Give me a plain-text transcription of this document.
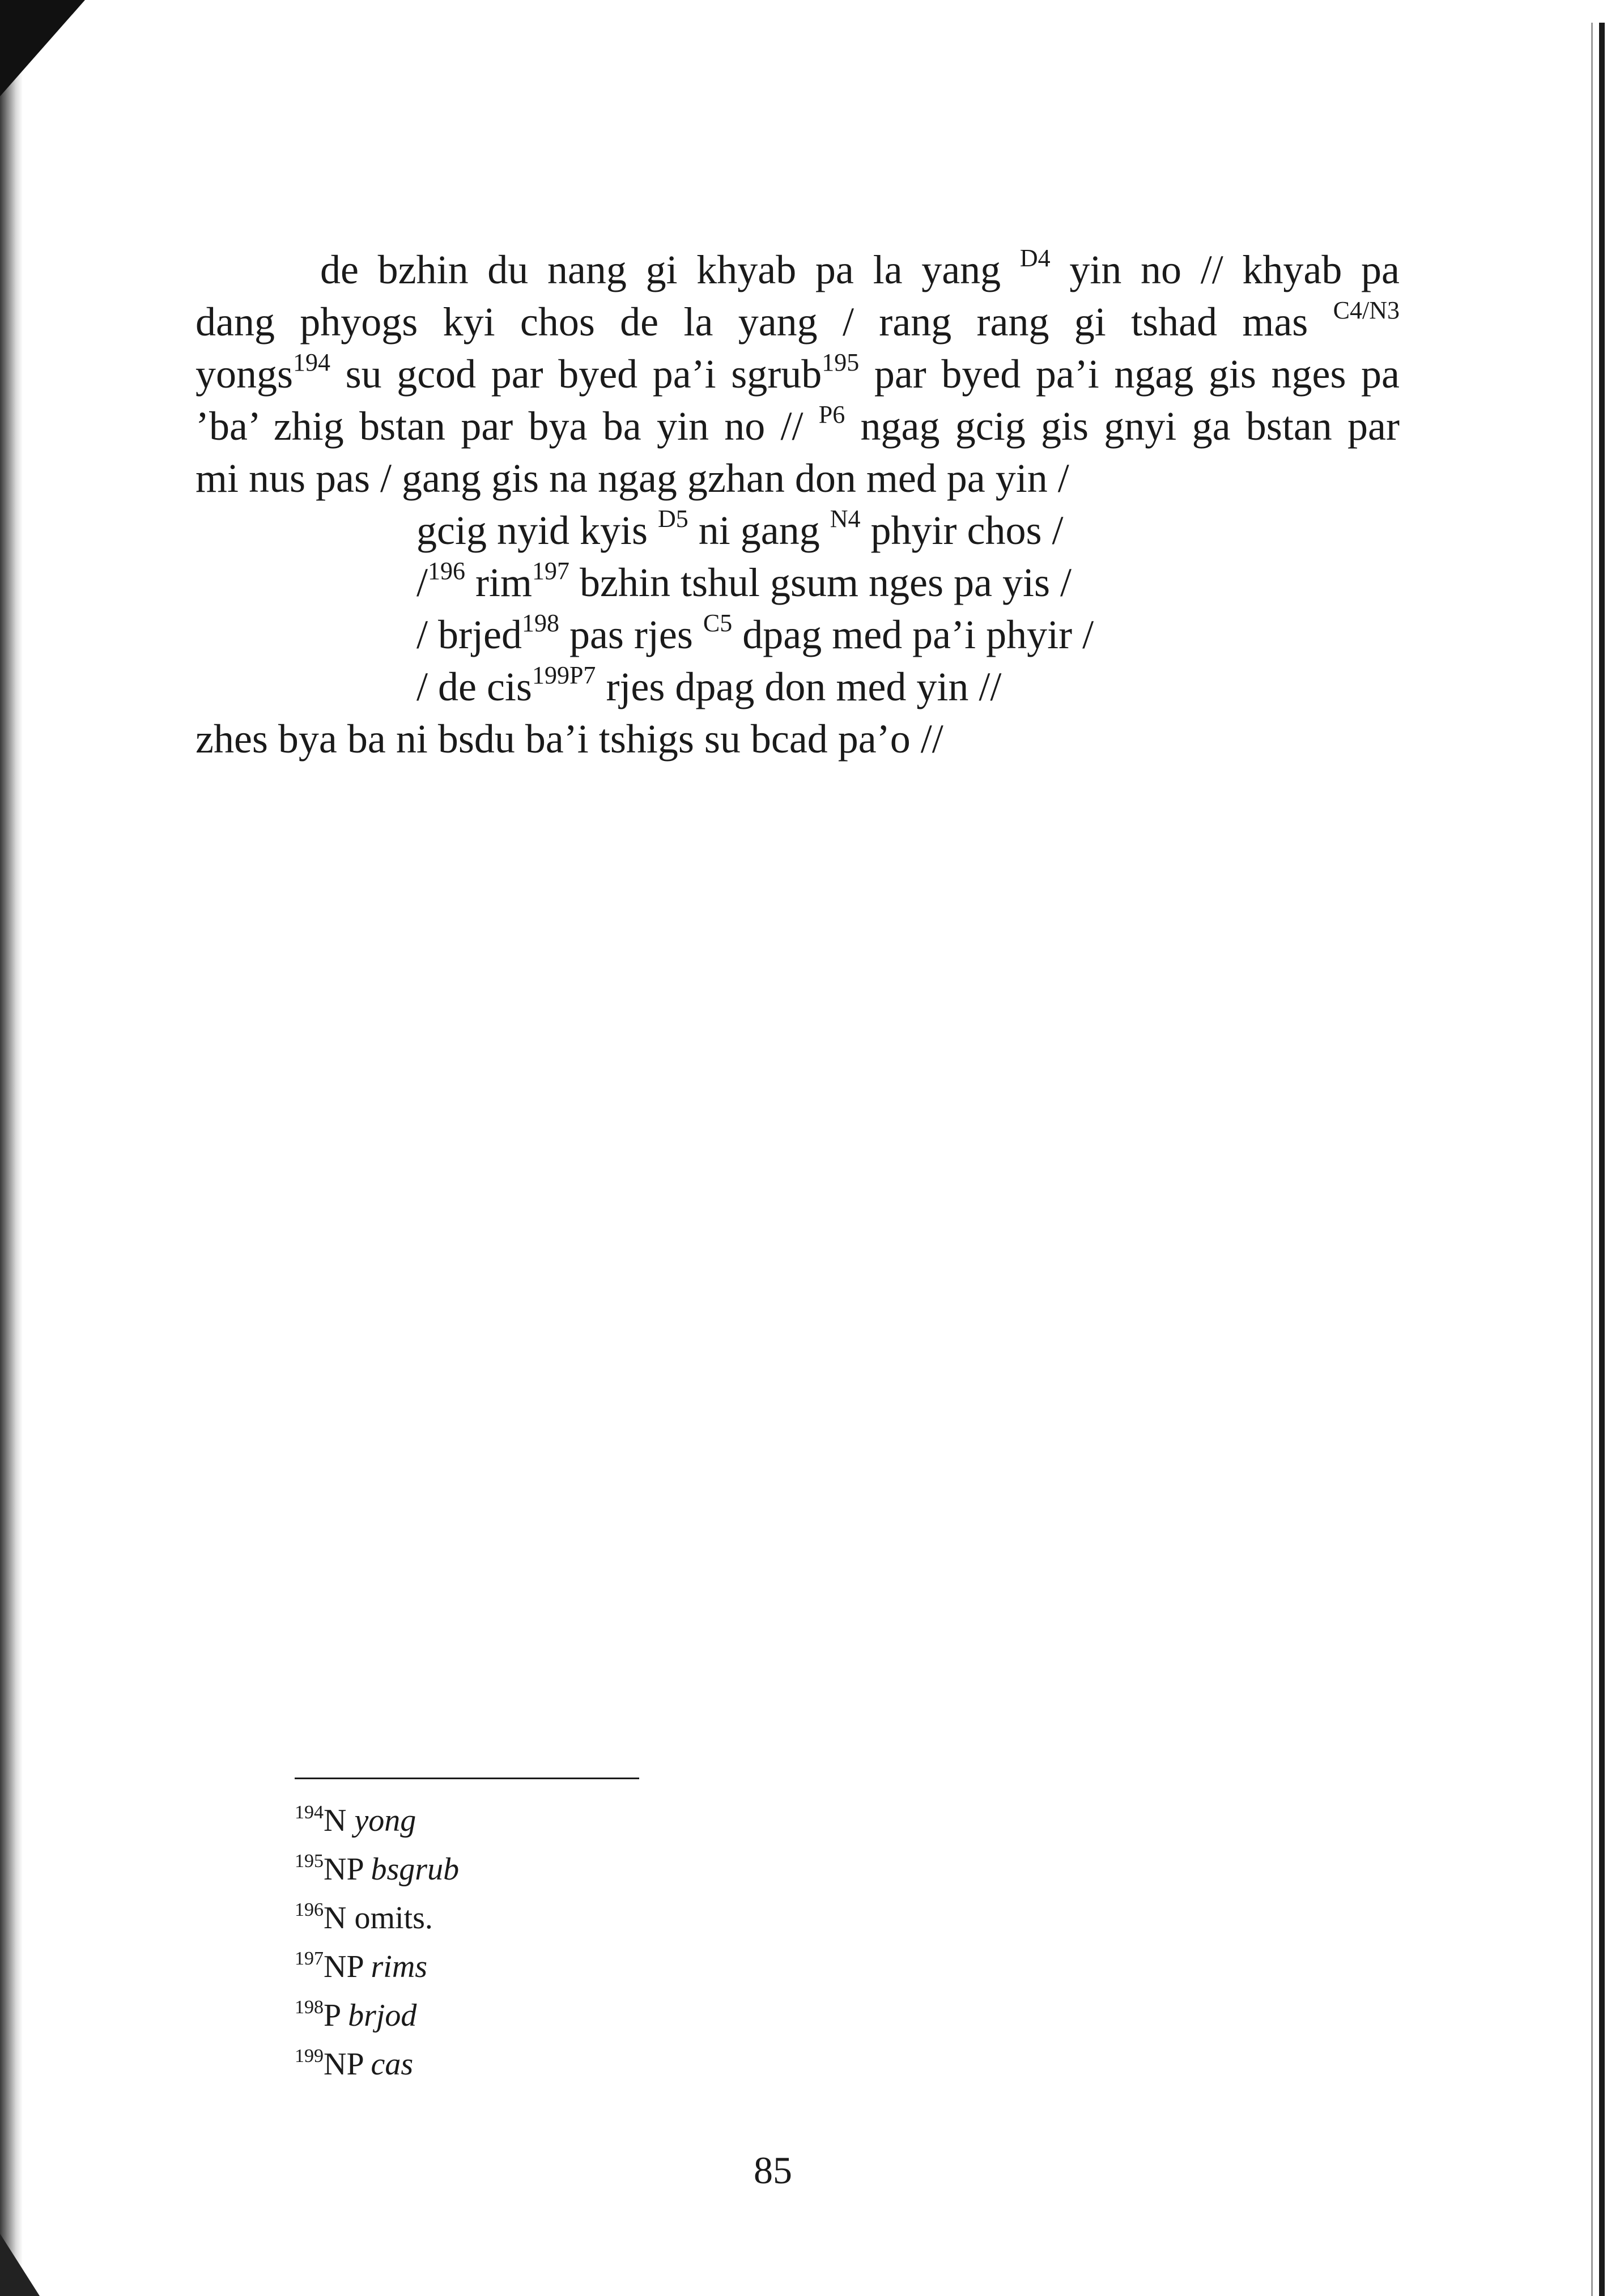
de bzhin du nang gi khyab pa la yang $^{D4}$ yin no // khyab pa
dang phyogs kyi chos de la yang / rang rang gi tshad mas $^{C4/N3}$
yongs$^{194}$ su gcod par byed pa’i sgrub$^{195}$ par byed pa’i ngag gis nges pa
’ba’ zhig bstan par bya ba yin no // $^{P6}$ ngag gcig gis gnyi ga bstan par
mi nus pas / gang gis na ngag gzhan don med pa yin /
gcig nyid kyis $^{D5}$ ni gang $^{N4}$ phyir chos /
/$^{196}$ rim$^{197}$ bzhin tshul gsum nges pa yis /
/ brjed$^{198}$ pas rjes $^{C5}$ dpag med pa’i phyir /
/ de cis$^{199P7}$ rjes dpag don med yin //
zhes bya ba ni bsdu ba’i tshigs su bcad pa’o //
$^{194}$N yong
$^{195}$NP bsgrub
$^{196}$N omits.
$^{197}$NP rims
$^{198}$P brjod
$^{199}$NP cas
85
